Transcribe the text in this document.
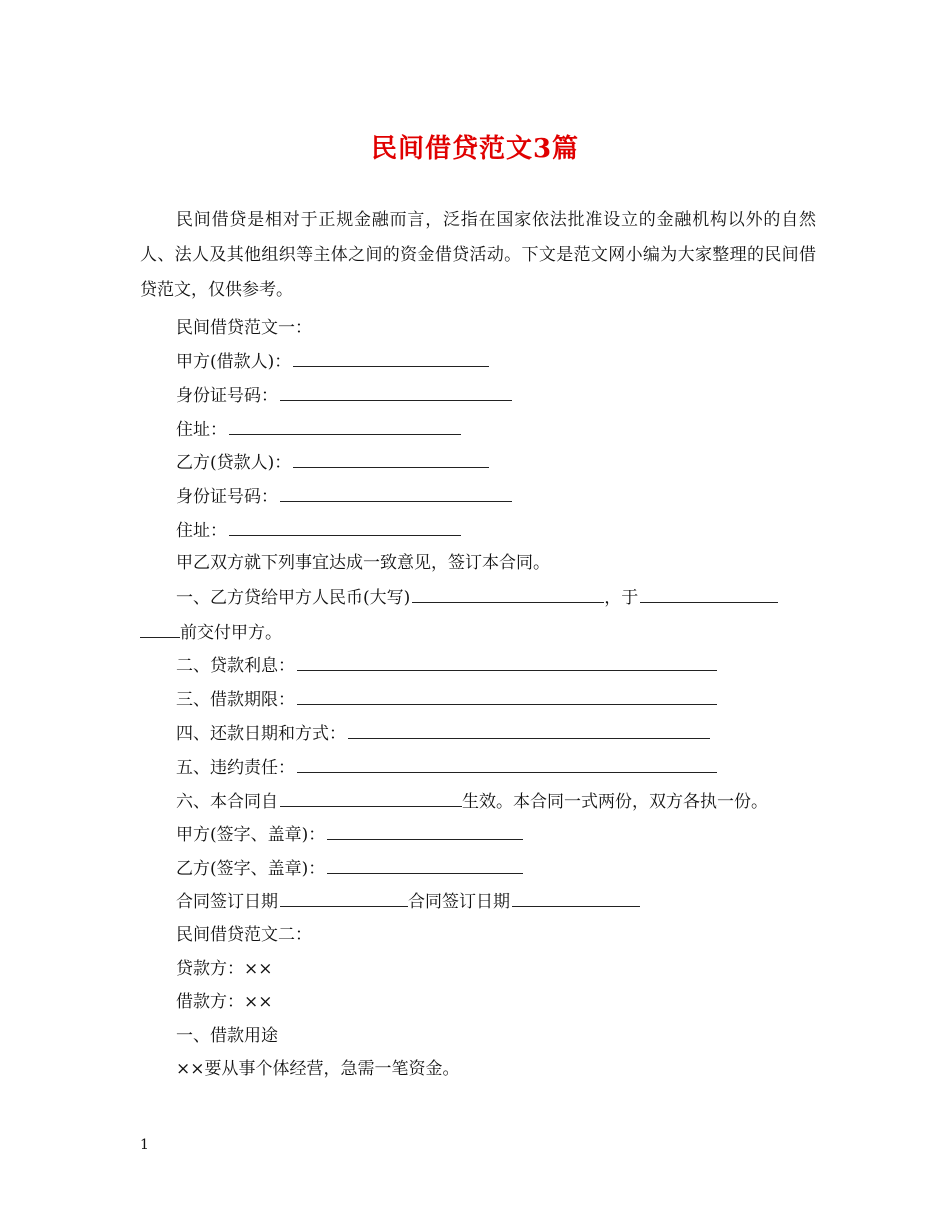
民间借贷范文3篇

民间借贷是相对于正规金融而言，泛指在国家依法批准设立的金融机构以外的自然人、法人及其他组织等主体之间的资金借贷活动。下文是范文网小编为大家整理的民间借贷范文，仅供参考。

民间借贷范文一：
甲方(借款人)：
身份证号码：
住址：
乙方(贷款人)：
身份证号码：
住址：
甲乙双方就下列事宜达成一致意见，签订本合同。
一、乙方贷给甲方人民币(大写)	，于
前交付甲方。
二、贷款利息：
三、借款期限：
四、还款日期和方式：
五、违约责任：
六、本合同自	生效。本合同一式两份，双方各执一份。
甲方(签字、盖章)：
乙方(签字、盖章)：
合同签订日期	合同签订日期
民间借贷范文二：
贷款方：××
借款方：××
一、借款用途
××要从事个体经营，急需一笔资金。
1
